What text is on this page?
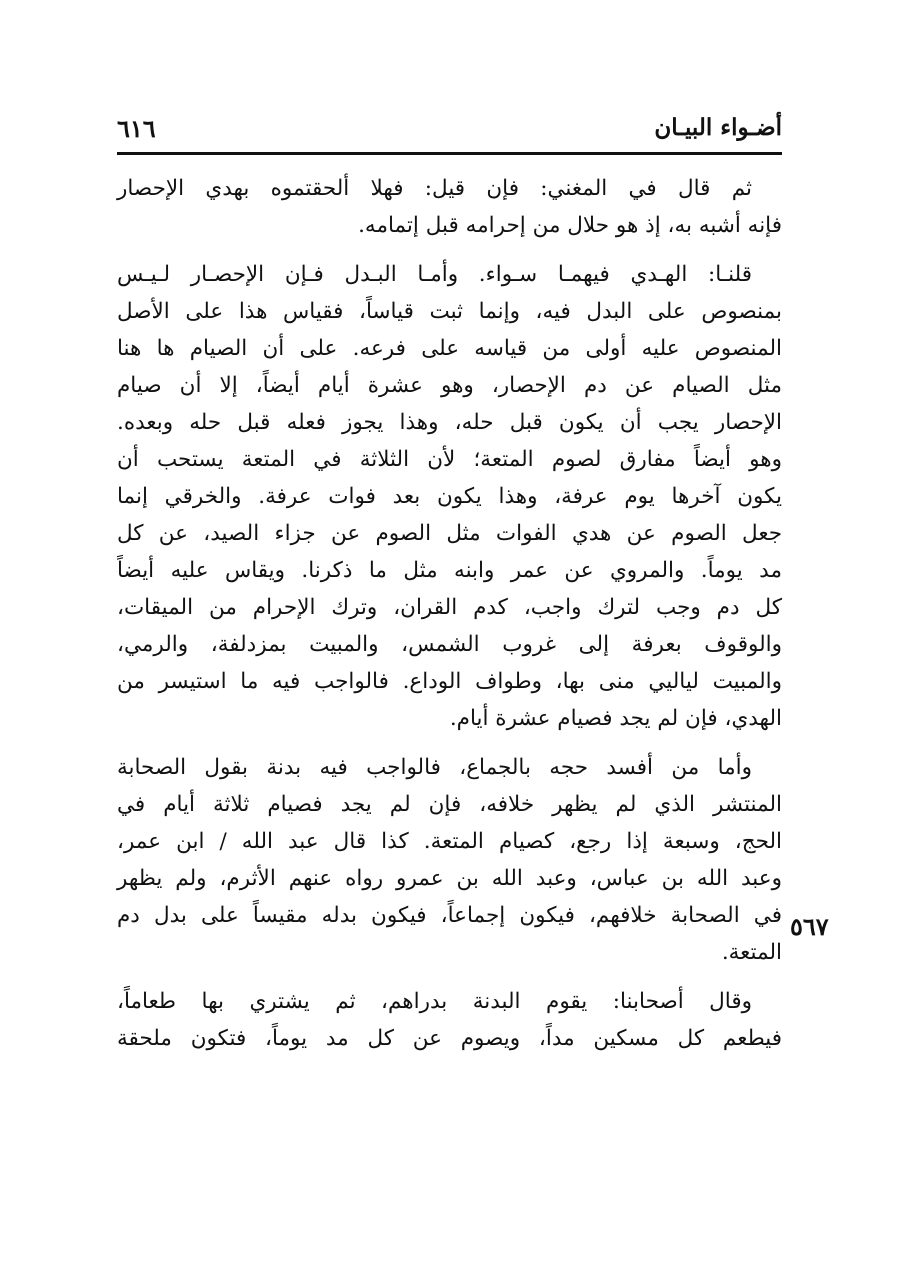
أضـواء البيـان
٦١٦
٥٦٧
ثم قال في المغني: فإن قيل: فهلا ألحقتموه بهدي الإحصار
فإنه أشبه به، إذ هو حلال من إحرامه قبل إتمامه.
قلنـا: الهـدي فيهمـا سـواء. وأمـا البـدل فـإن الإحصـار لـيـس
بمنصوص على البدل فيه، وإنما ثبت قياساً، فقياس هذا على الأصل
المنصوص عليه أولى من قياسه على فرعه. على أن الصيام ها هنا
مثل الصيام عن دم الإحصار، وهو عشرة أيام أيضاً، إلا أن صيام
الإحصار يجب أن يكون قبل حله، وهذا يجوز فعله قبل حله وبعده.
وهو أيضاً مفارق لصوم المتعة؛ لأن الثلاثة في المتعة يستحب أن
يكون آخرها يوم عرفة، وهذا يكون بعد فوات عرفة. والخرقي إنما
جعل الصوم عن هدي الفوات مثل الصوم عن جزاء الصيد، عن كل
مد يوماً. والمروي عن عمر وابنه مثل ما ذكرنا. ويقاس عليه أيضاً
كل دم وجب لترك واجب، كدم القران، وترك الإحرام من الميقات،
والوقوف بعرفة إلى غروب الشمس، والمبيت بمزدلفة، والرمي،
والمبيت لياليي منى بها، وطواف الوداع. فالواجب فيه ما استيسر من
الهدي، فإن لم يجد فصيام عشرة أيام.
وأما من أفسد حجه بالجماع، فالواجب فيه بدنة بقول الصحابة
المنتشر الذي لم يظهر خلافه، فإن لم يجد فصيام ثلاثة أيام في
الحج، وسبعة إذا رجع، كصيام المتعة. كذا قال عبد الله / ابن عمر،
وعبد الله بن عباس، وعبد الله بن عمرو رواه عنهم الأثرم، ولم يظهر
في الصحابة خلافهم، فيكون إجماعاً، فيكون بدله مقيساً على بدل دم
المتعة.
وقال أصحابنا: يقوم البدنة بدراهم، ثم يشتري بها طعاماً،
فيطعم كل مسكين مداً، ويصوم عن كل مد يوماً، فتكون ملحقة
